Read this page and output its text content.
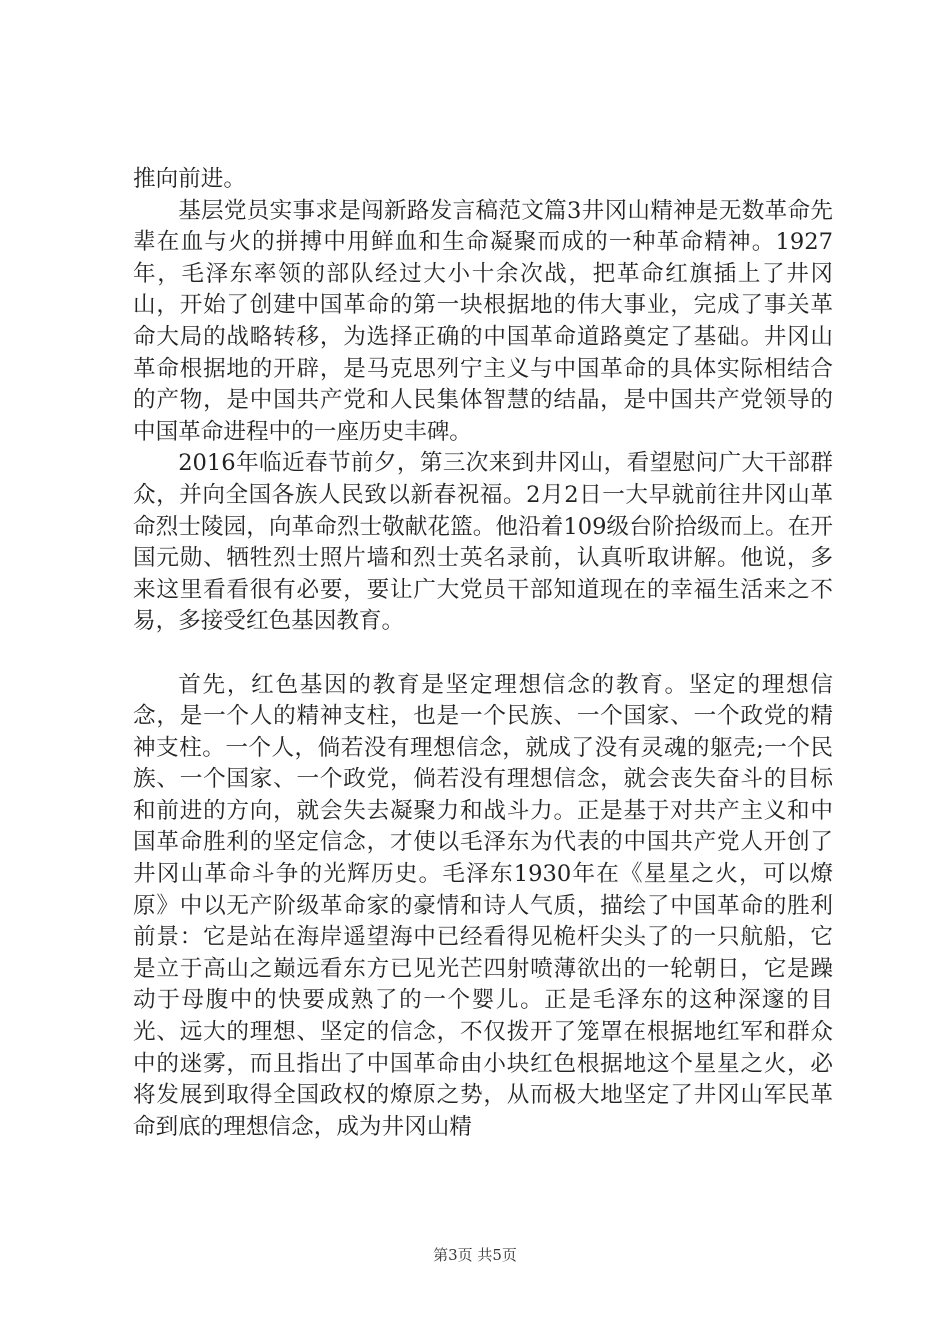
推向前进。

基层党员实事求是闯新路发言稿范文篇3井冈山精神是无数革命先辈在血与火的拼搏中用鲜血和生命凝聚而成的一种革命精神。1927年，毛泽东率领的部队经过大小十余次战，把革命红旗插上了井冈山，开始了创建中国革命的第一块根据地的伟大事业，完成了事关革命大局的战略转移，为选择正确的中国革命道路奠定了基础。井冈山革命根据地的开辟，是马克思列宁主义与中国革命的具体实际相结合的产物，是中国共产党和人民集体智慧的结晶，是中国共产党领导的中国革命进程中的一座历史丰碑。

2016年临近春节前夕，第三次来到井冈山，看望慰问广大干部群众，并向全国各族人民致以新春祝福。2月2日一大早就前往井冈山革命烈士陵园，向革命烈士敬献花篮。他沿着109级台阶拾级而上。在开国元勋、牺牲烈士照片墙和烈士英名录前，认真听取讲解。他说，多来这里看看很有必要，要让广大党员干部知道现在的幸福生活来之不易，多接受红色基因教育。

首先，红色基因的教育是坚定理想信念的教育。坚定的理想信念，是一个人的精神支柱，也是一个民族、一个国家、一个政党的精神支柱。一个人，倘若没有理想信念，就成了没有灵魂的躯壳;一个民族、一个国家、一个政党，倘若没有理想信念，就会丧失奋斗的目标和前进的方向，就会失去凝聚力和战斗力。正是基于对共产主义和中国革命胜利的坚定信念，才使以毛泽东为代表的中国共产党人开创了井冈山革命斗争的光辉历史。毛泽东1930年在《星星之火，可以燎原》中以无产阶级革命家的豪情和诗人气质，描绘了中国革命的胜利前景：它是站在海岸遥望海中已经看得见桅杆尖头了的一只航船，它是立于高山之巅远看东方已见光芒四射喷薄欲出的一轮朝日，它是躁动于母腹中的快要成熟了的一个婴儿。正是毛泽东的这种深邃的目光、远大的理想、坚定的信念，不仅拨开了笼罩在根据地红军和群众中的迷雾，而且指出了中国革命由小块红色根据地这个星星之火，必将发展到取得全国政权的燎原之势，从而极大地坚定了井冈山军民革命到底的理想信念，成为井冈山精

第3页 共5页
